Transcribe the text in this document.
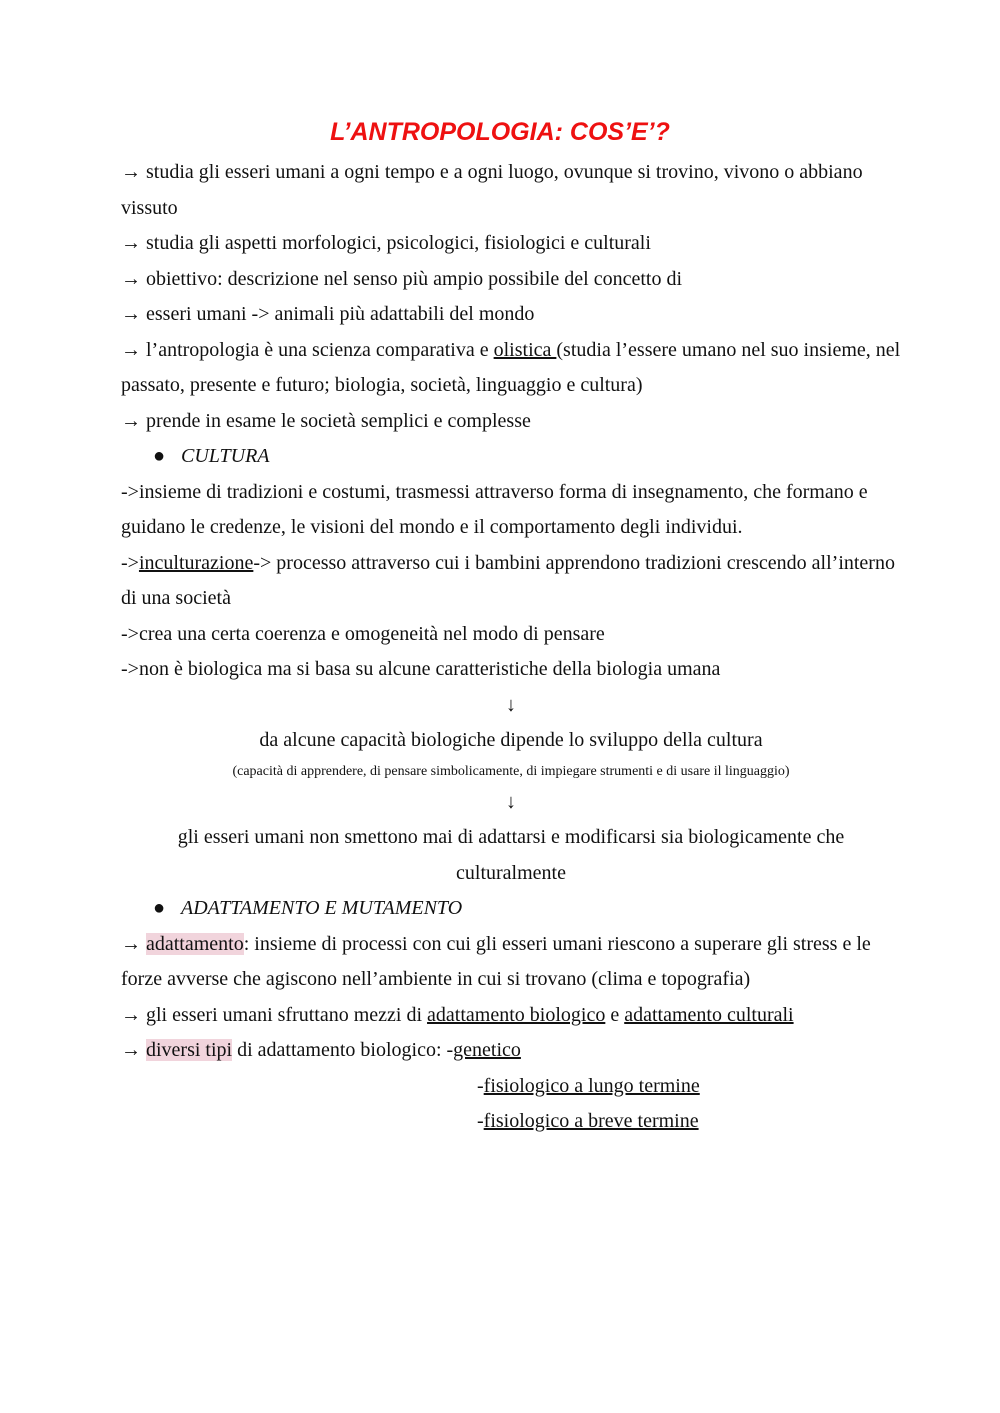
L’ANTROPOLOGIA: COS’E’?

→ studia gli esseri umani a ogni tempo e a ogni luogo, ovunque si trovino, vivono o abbiano vissuto

→ studia gli aspetti morfologici, psicologici, fisiologici e culturali

→ obiettivo: descrizione nel senso più ampio possibile del concetto di

→ esseri umani -> animali più adattabili del mondo

→ l’antropologia è una scienza comparativa e olistica (studia l’essere umano nel suo insieme, nel passato, presente e futuro; biologia, società, linguaggio e cultura)

→ prende in esame le società semplici e complesse

● CULTURA

->insieme di tradizioni e costumi, trasmessi attraverso forma di insegnamento, che formano e guidano le credenze, le visioni del mondo e il comportamento degli individui.

->inculturazione-> processo attraverso cui i bambini apprendono tradizioni crescendo all’interno di una società

->crea una certa coerenza e omogeneità nel modo di pensare

->non è biologica ma si basa su alcune caratteristiche della biologia umana

↓

da alcune capacità biologiche dipende lo sviluppo della cultura

(capacità di apprendere, di pensare simbolicamente, di impiegare strumenti e di usare il linguaggio)

↓

gli esseri umani non smettono mai di adattarsi e modificarsi sia biologicamente che culturalmente

● ADATTAMENTO E MUTAMENTO

→ adattamento: insieme di processi con cui gli esseri umani riescono a superare gli stress e le forze avverse che agiscono nell’ambiente in cui si trovano (clima e topografia)

→ gli esseri umani sfruttano mezzi di adattamento biologico e adattamento culturali

→ diversi tipi di adattamento biologico: -genetico

-fisiologico a lungo termine

-fisiologico a breve termine
